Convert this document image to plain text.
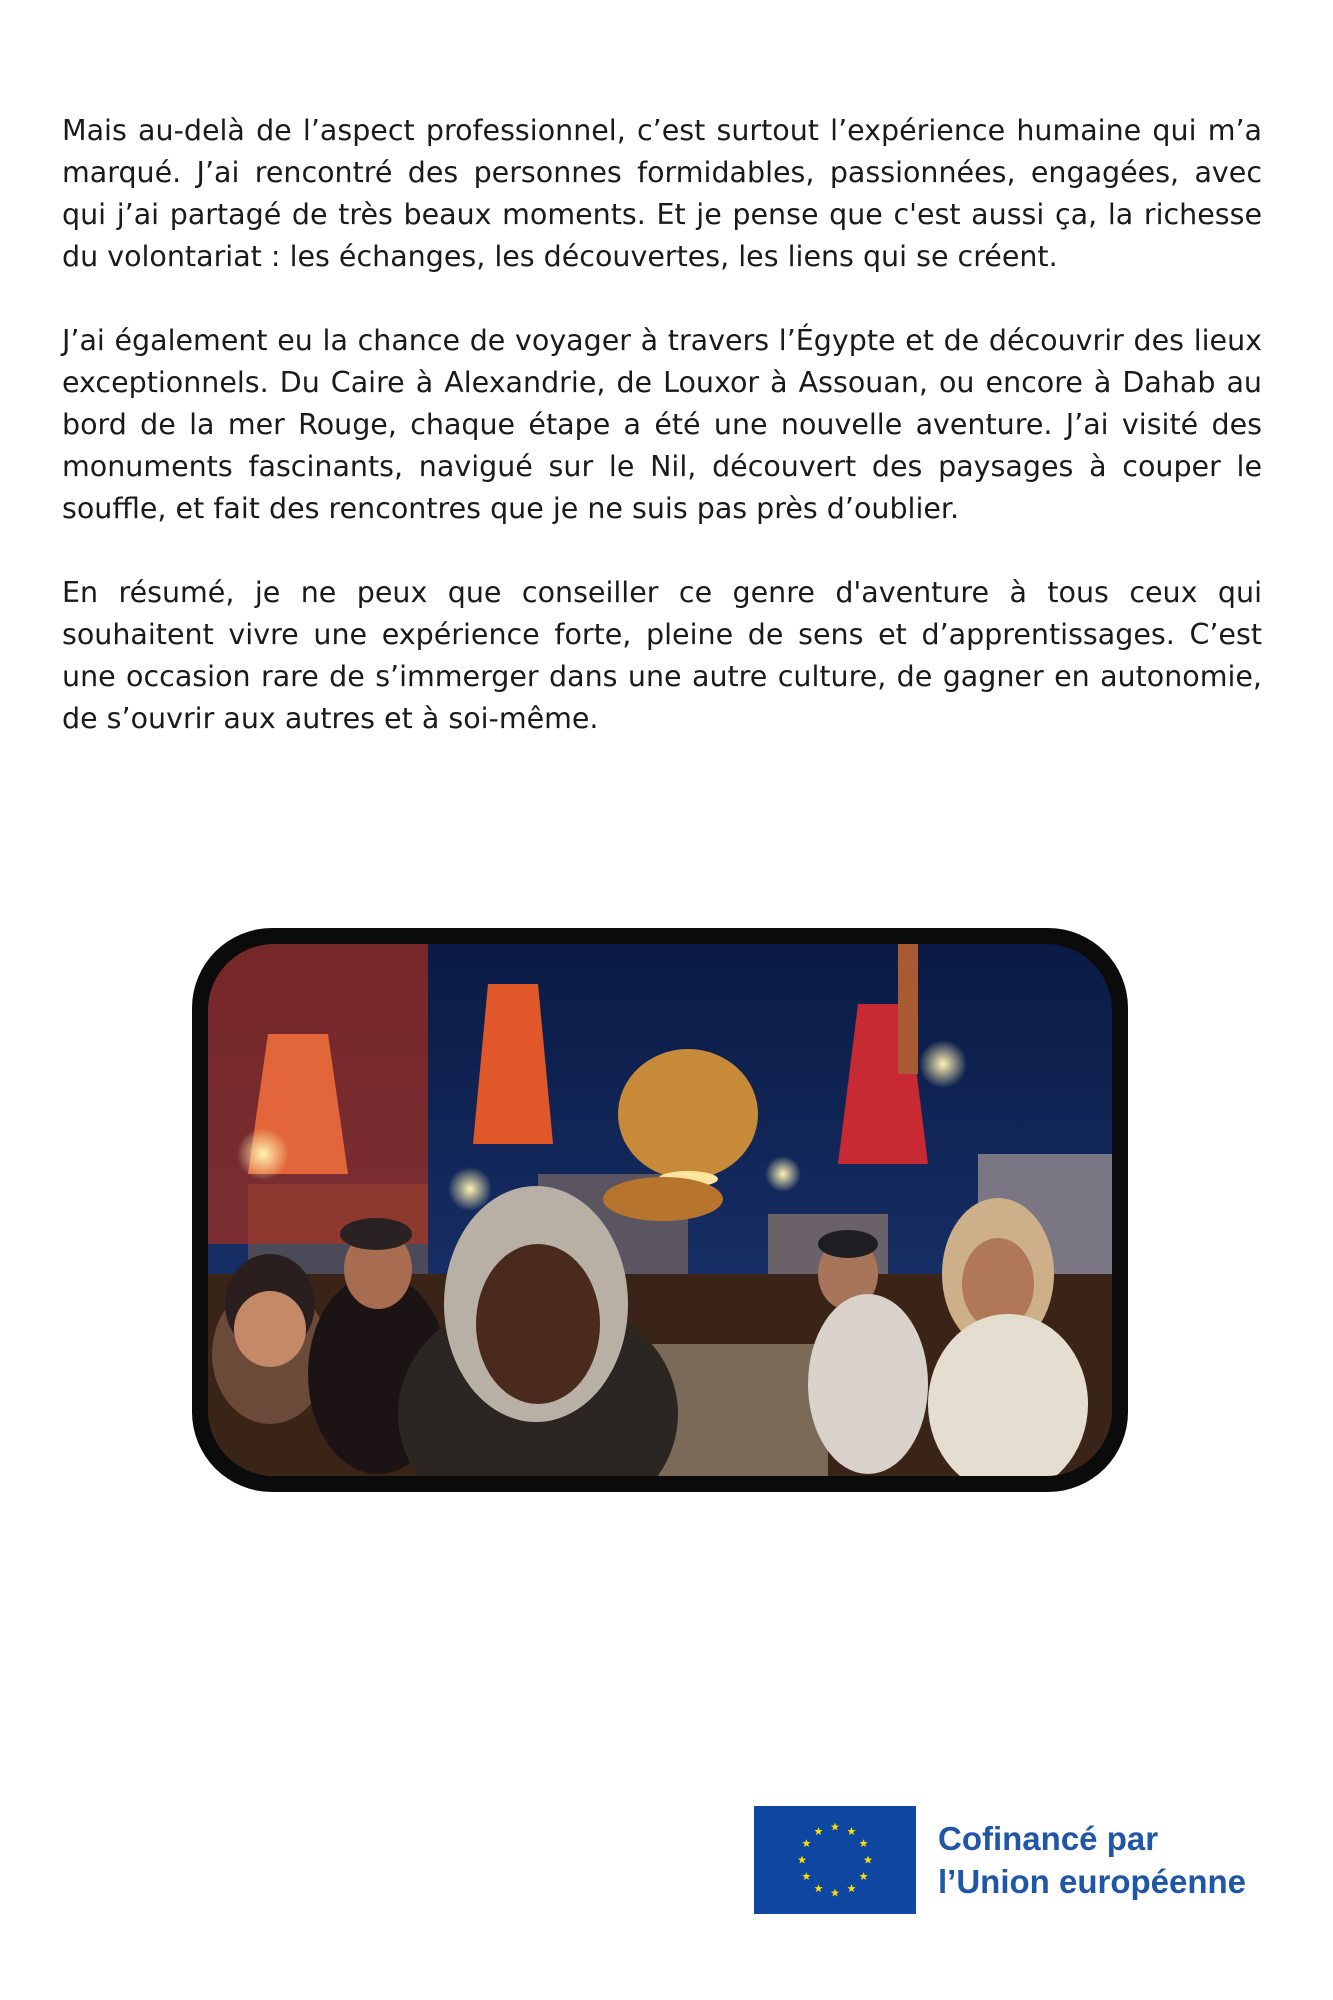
Mais au-delà de l’aspect professionnel, c’est surtout l’expérience humaine qui m’a marqué. J’ai rencontré des personnes formidables, passionnées, engagées, avec qui j’ai partagé de très beaux moments. Et je pense que c'est aussi ça, la richesse du volontariat : les échanges, les découvertes, les liens qui se créent.

J’ai également eu la chance de voyager à travers l’Égypte et de découvrir des lieux exceptionnels. Du Caire à Alexandrie, de Louxor à Assouan, ou encore à Dahab au bord de la mer Rouge, chaque étape a été une nouvelle aventure. J’ai visité des monuments fascinants, navigué sur le Nil, découvert des paysages à couper le souffle, et fait des rencontres que je ne suis pas près d’oublier.

En résumé, je ne peux que conseiller ce genre d'aventure à tous ceux qui souhaitent vivre une expérience forte, pleine de sens et d’apprentissages. C’est une occasion rare de s’immerger dans une autre culture, de gagner en autonomie, de s’ouvrir aux autres et à soi-même.

Cofinancé par
l’Union européenne
